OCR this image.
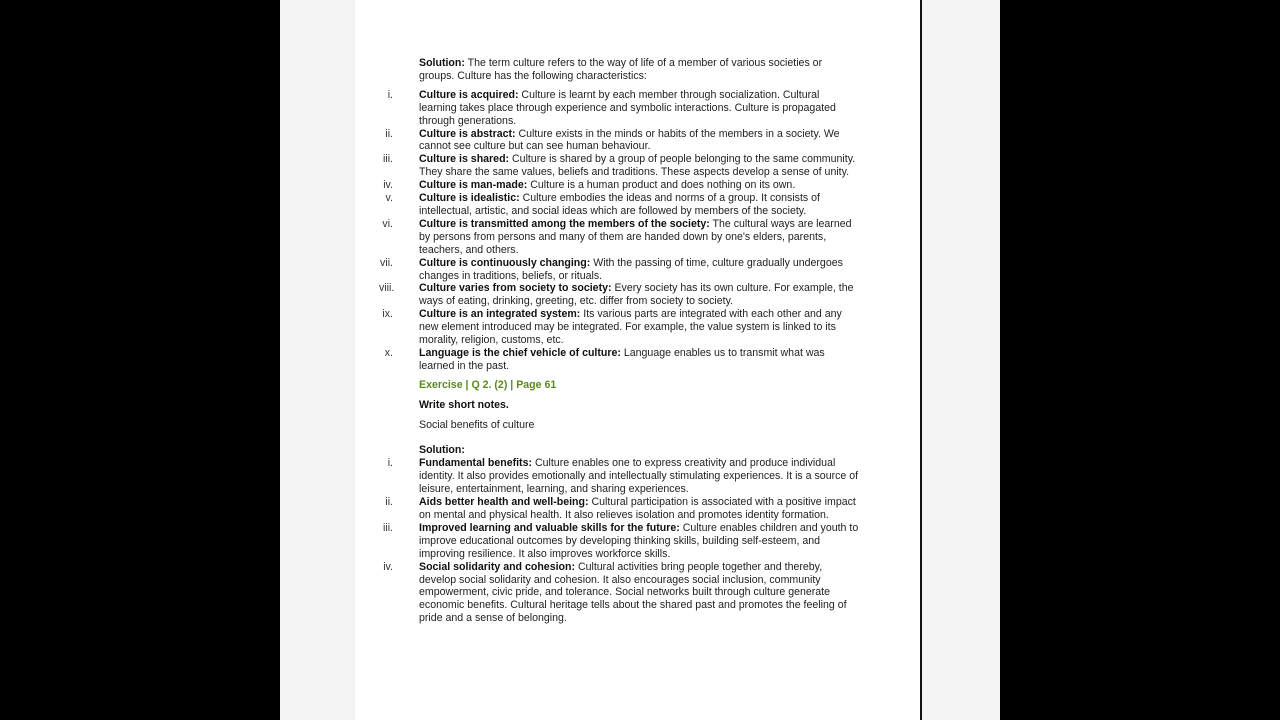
Solution: The term culture refers to the way of life of a member of various societies or groups. Culture has the following characteristics:

i. Culture is acquired: Culture is learnt by each member through socialization. Cultural learning takes place through experience and symbolic interactions. Culture is propagated through generations.
ii. Culture is abstract: Culture exists in the minds or habits of the members in a society. We cannot see culture but can see human behaviour.
iii. Culture is shared: Culture is shared by a group of people belonging to the same community. They share the same values, beliefs and traditions. These aspects develop a sense of unity.
iv. Culture is man-made: Culture is a human product and does nothing on its own.
v. Culture is idealistic: Culture embodies the ideas and norms of a group. It consists of intellectual, artistic, and social ideas which are followed by members of the society.
vi. Culture is transmitted among the members of the society: The cultural ways are learned by persons from persons and many of them are handed down by one's elders, parents, teachers, and others.
vii. Culture is continuously changing: With the passing of time, culture gradually undergoes changes in traditions, beliefs, or rituals.
viii. Culture varies from society to society: Every society has its own culture. For example, the ways of eating, drinking, greeting, etc. differ from society to society.
ix. Culture is an integrated system: Its various parts are integrated with each other and any new element introduced may be integrated. For example, the value system is linked to its morality, religion, customs, etc.
x. Language is the chief vehicle of culture: Language enables us to transmit what was learned in the past.
Exercise | Q 2. (2) | Page 61
Write short notes.
Social benefits of culture

Solution:

i. Fundamental benefits: Culture enables one to express creativity and produce individual identity. It also provides emotionally and intellectually stimulating experiences. It is a source of leisure, entertainment, learning, and sharing experiences.
ii. Aids better health and well-being: Cultural participation is associated with a positive impact on mental and physical health. It also relieves isolation and promotes identity formation.
iii. Improved learning and valuable skills for the future: Culture enables children and youth to improve educational outcomes by developing thinking skills, building self-esteem, and improving resilience. It also improves workforce skills.
iv. Social solidarity and cohesion: Cultural activities bring people together and thereby, develop social solidarity and cohesion. It also encourages social inclusion, community empowerment, civic pride, and tolerance. Social networks built through culture generate economic benefits. Cultural heritage tells about the shared past and promotes the feeling of pride and a sense of belonging.
